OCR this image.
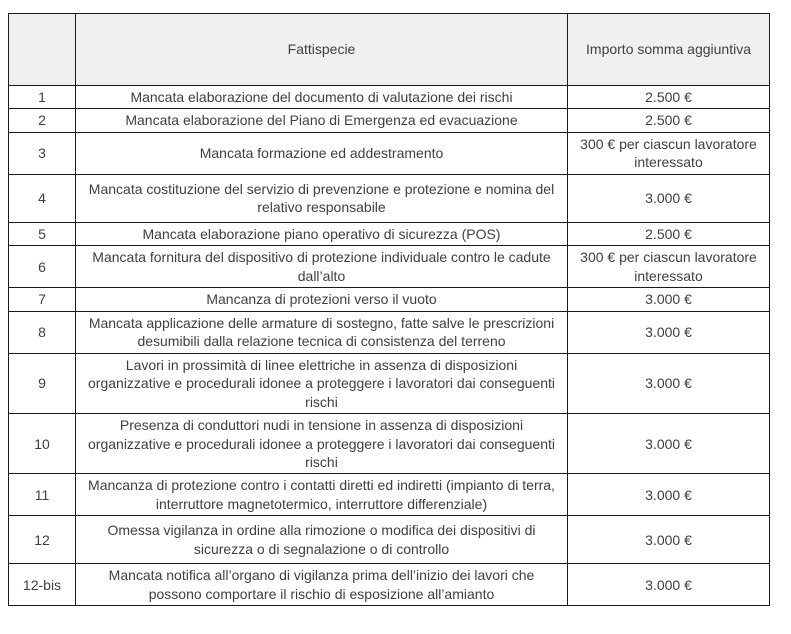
	Fattispecie	Importo somma aggiuntiva
1	Mancata elaborazione del documento di valutazione dei rischi	2.500 €
2	Mancata elaborazione del Piano di Emergenza ed evacuazione	2.500 €
3	Mancata formazione ed addestramento	300 € per ciascun lavoratore interessato
4	Mancata costituzione del servizio di prevenzione e protezione e nomina del relativo responsabile	3.000 €
5	Mancata elaborazione piano operativo di sicurezza (POS)	2.500 €
6	Mancata fornitura del dispositivo di protezione individuale contro le cadute dall’alto	300 € per ciascun lavoratore interessato
7	Mancanza di protezioni verso il vuoto	3.000 €
8	Mancata applicazione delle armature di sostegno, fatte salve le prescrizioni desumibili dalla relazione tecnica di consistenza del terreno	3.000 €
9	Lavori in prossimità di linee elettriche in assenza di disposizioni organizzative e procedurali idonee a proteggere i lavoratori dai conseguenti rischi	3.000 €
10	Presenza di conduttori nudi in tensione in assenza di disposizioni organizzative e procedurali idonee a proteggere i lavoratori dai conseguenti rischi	3.000 €
11	Mancanza di protezione contro i contatti diretti ed indiretti (impianto di terra, interruttore magnetotermico, interruttore differenziale)	3.000 €
12	Omessa vigilanza in ordine alla rimozione o modifica dei dispositivi di sicurezza o di segnalazione o di controllo	3.000 €
12-bis	Mancata notifica all’organo di vigilanza prima dell’inizio dei lavori che possono comportare il rischio di esposizione all’amianto	3.000 €
